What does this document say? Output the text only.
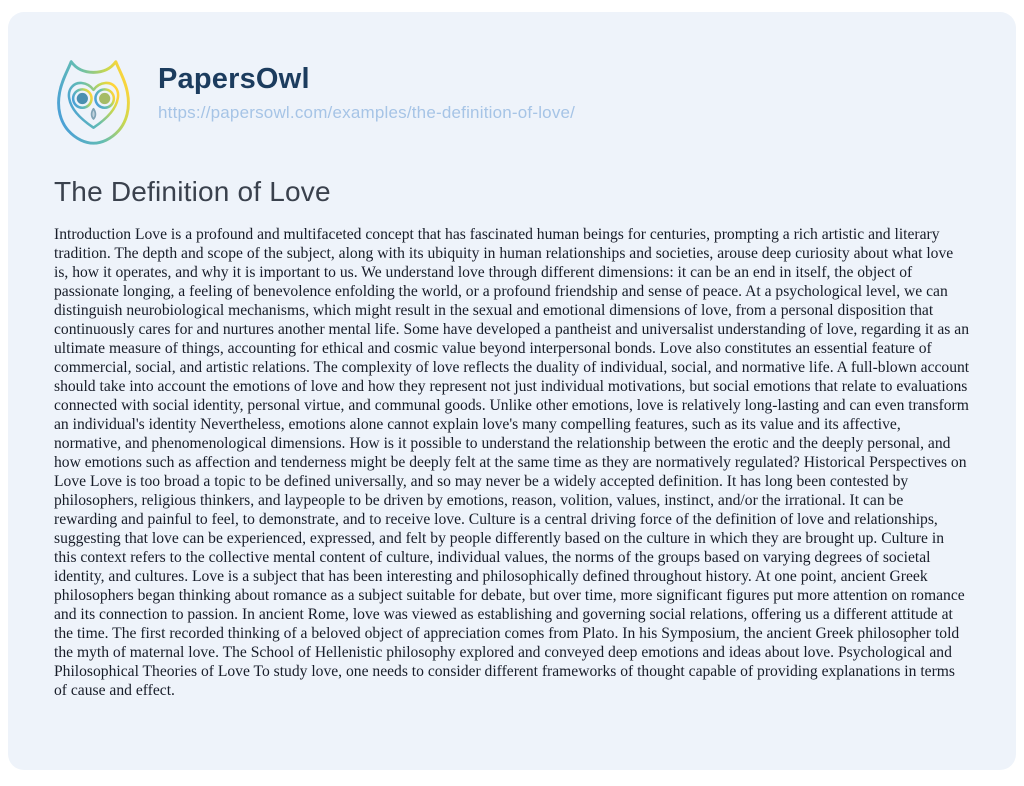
PapersOwl
https://papersowl.com/examples/the-definition-of-love/
The Definition of Love

Introduction Love is a profound and multifaceted concept that has fascinated human beings for centuries, prompting a rich artistic and literary tradition. The depth and scope of the subject, along with its ubiquity in human relationships and societies, arouse deep curiosity about what love is, how it operates, and why it is important to us. We understand love through different dimensions: it can be an end in itself, the object of passionate longing, a feeling of benevolence enfolding the world, or a profound friendship and sense of peace. At a psychological level, we can distinguish neurobiological mechanisms, which might result in the sexual and emotional dimensions of love, from a personal disposition that continuously cares for and nurtures another mental life. Some have developed a pantheist and universalist understanding of love, regarding it as an ultimate measure of things, accounting for ethical and cosmic value beyond interpersonal bonds. Love also constitutes an essential feature of commercial, social, and artistic relations. The complexity of love reflects the duality of individual, social, and normative life. A full-blown account should take into account the emotions of love and how they represent not just individual motivations, but social emotions that relate to evaluations connected with social identity, personal virtue, and communal goods. Unlike other emotions, love is relatively long-lasting and can even transform an individual's identity Nevertheless, emotions alone cannot explain love's many compelling features, such as its value and its affective, normative, and phenomenological dimensions. How is it possible to understand the relationship between the erotic and the deeply personal, and how emotions such as affection and tenderness might be deeply felt at the same time as they are normatively regulated? Historical Perspectives on Love Love is too broad a topic to be defined universally, and so may never be a widely accepted definition. It has long been contested by philosophers, religious thinkers, and laypeople to be driven by emotions, reason, volition, values, instinct, and/or the irrational. It can be rewarding and painful to feel, to demonstrate, and to receive love. Culture is a central driving force of the definition of love and relationships, suggesting that love can be experienced, expressed, and felt by people differently based on the culture in which they are brought up. Culture in this context refers to the collective mental content of culture, individual values, the norms of the groups based on varying degrees of societal identity, and cultures. Love is a subject that has been interesting and philosophically defined throughout history. At one point, ancient Greek philosophers began thinking about romance as a subject suitable for debate, but over time, more significant figures put more attention on romance and its connection to passion. In ancient Rome, love was viewed as establishing and governing social relations, offering us a different attitude at the time. The first recorded thinking of a beloved object of appreciation comes from Plato. In his Symposium, the ancient Greek philosopher told the myth of maternal love. The School of Hellenistic philosophy explored and conveyed deep emotions and ideas about love. Psychological and Philosophical Theories of Love To study love, one needs to consider different frameworks of thought capable of providing explanations in terms of cause and effect.
